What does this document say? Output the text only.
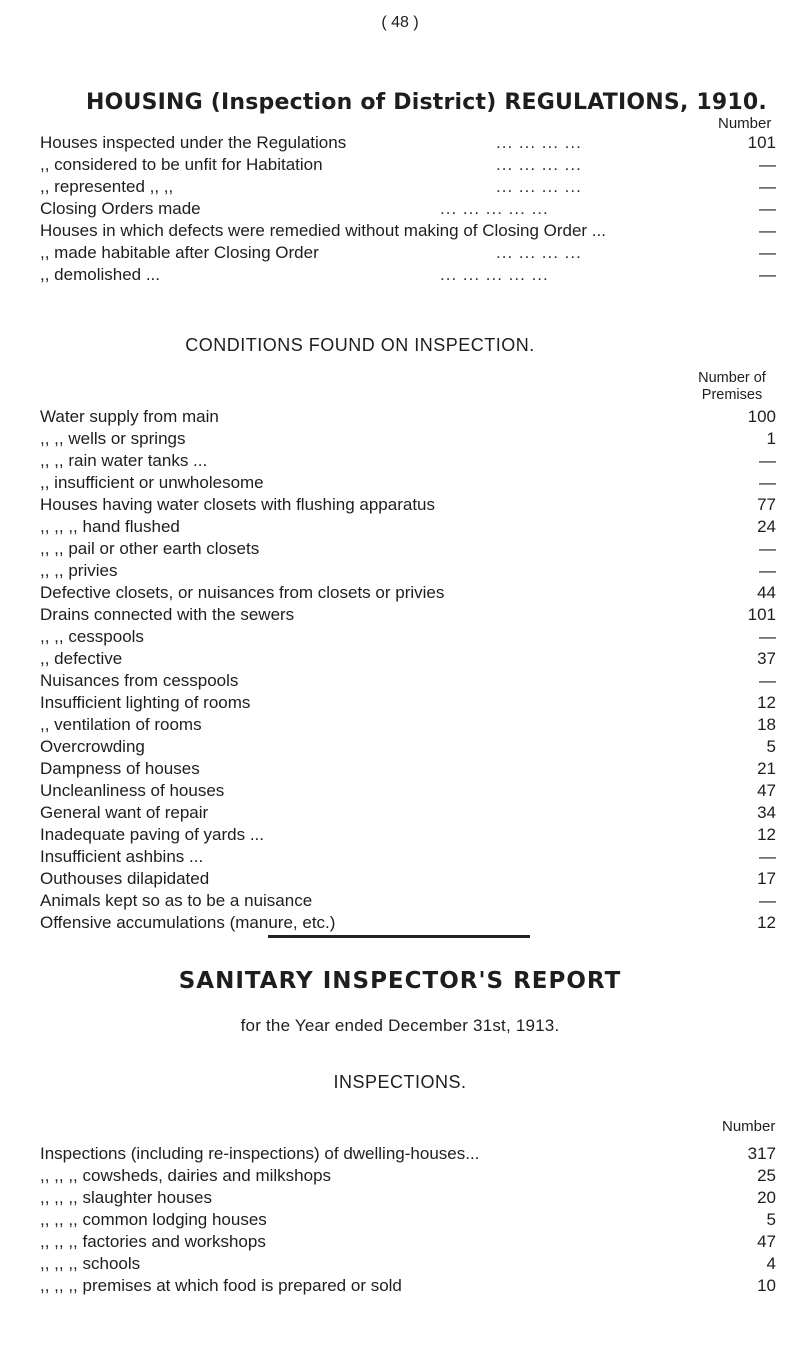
( 48 )
HOUSING (Inspection of District) REGULATIONS, 1910.
Number
Houses inspected under the Regulations	... ... ... ...	101
,, considered to be unfit for Habitation	... ... ... ...	—
,, represented ,, ,,	... ... ... ...	—
Closing Orders made	... ... ... ... ...	—
Houses in which defects were remedied without making of Closing Order ...	—
,, made habitable after Closing Order	... ... ... ...	—
,, demolished ...	... ... ... ... ...	—
CONDITIONS FOUND ON INSPECTION.
Number of
Premises
Water supply from main	100
,, ,, wells or springs	1
,, ,, rain water tanks ...	—
,, insufficient or unwholesome	—
Houses having water closets with flushing apparatus	77
,, ,, ,, hand flushed	24
,, ,, pail or other earth closets	—
,, ,, privies	—
Defective closets, or nuisances from closets or privies	44
Drains connected with the sewers	101
,, ,, cesspools	—
,, defective	37
Nuisances from cesspools	—
Insufficient lighting of rooms	12
,, ventilation of rooms	18
Overcrowding	5
Dampness of houses	21
Uncleanliness of houses	47
General want of repair	34
Inadequate paving of yards ...	12
Insufficient ashbins ...	—
Outhouses dilapidated	17
Animals kept so as to be a nuisance	—
Offensive accumulations (manure, etc.)	12
SANITARY INSPECTOR'S REPORT
for the Year ended December 31st, 1913.
INSPECTIONS.
Number
Inspections (including re-inspections) of dwelling-houses...	317
,, ,, ,, cowsheds, dairies and milkshops	25
,, ,, ,, slaughter houses	20
,, ,, ,, common lodging houses	5
,, ,, ,, factories and workshops	47
,, ,, ,, schools	4
,, ,, ,, premises at which food is prepared or sold	10
